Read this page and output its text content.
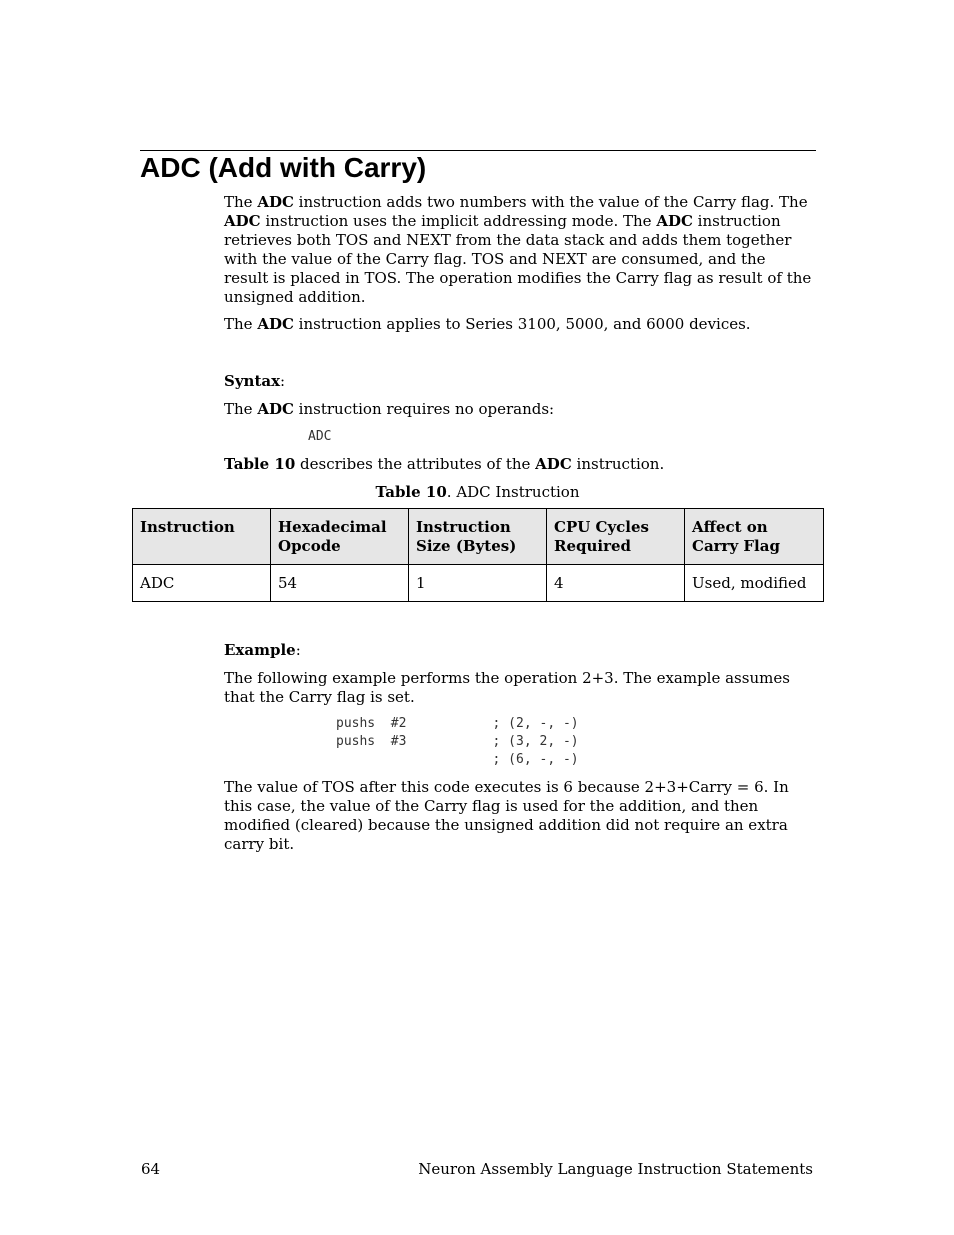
ADC (Add with Carry)

The ADC instruction adds two numbers with the value of the Carry flag. The ADC instruction uses the implicit addressing mode. The ADC instruction retrieves both TOS and NEXT from the data stack and adds them together with the value of the Carry flag. TOS and NEXT are consumed, and the result is placed in TOS. The operation modifies the Carry flag as result of the unsigned addition.

The ADC instruction applies to Series 3100, 5000, and 6000 devices.

Syntax:

The ADC instruction requires no operands:

ADC

Table 10 describes the attributes of the ADC instruction.

Table 10. ADC Instruction
Instruction	Hexadecimal Opcode	Instruction Size (Bytes)	CPU Cycles Required	Affect on Carry Flag
ADC	54	1	4	Used, modified

Example:

The following example performs the operation 2+3. The example assumes that the Carry flag is set.

pushs  #2           ; (2, -, -)
pushs  #3           ; (3, 2, -)
; (6, -, -)

The value of TOS after this code executes is 6 because 2+3+Carry = 6. In this case, the value of the Carry flag is used for the addition, and then modified (cleared) because the unsigned addition did not require an extra carry bit.

64	Neuron Assembly Language Instruction Statements
